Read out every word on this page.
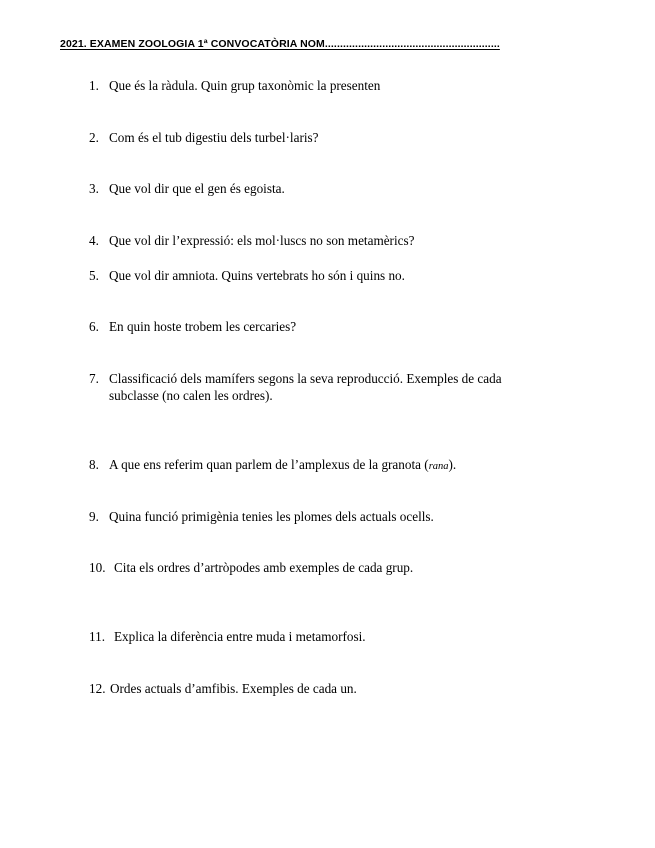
2021. EXAMEN ZOOLOGIA 1ª CONVOCATÒRIA NOM..........................................................
1. Que és la ràdula. Quin grup taxonòmic la presenten
2. Com és el tub digestiu dels turbel·laris?
3. Que vol dir que el gen és egoista.
4. Que vol dir l’expressió: els mol·luscs no son metamèrics?
5. Que vol dir amniota. Quins vertebrats ho són i quins no.
6. En quin hoste trobem les cercaries?
7. Classificació dels mamífers segons la seva reproducció. Exemples de cada
subclasse (no calen les ordres).
8. A que ens referim quan parlem de l’amplexus de la granota (rana).
9. Quina funció primigènia tenies les plomes dels actuals ocells.
10. Cita els ordres d’artròpodes amb exemples de cada grup.
11. Explica la diferència entre muda i metamorfosi.
12. Ordes actuals d’amfibis. Exemples de cada un.
